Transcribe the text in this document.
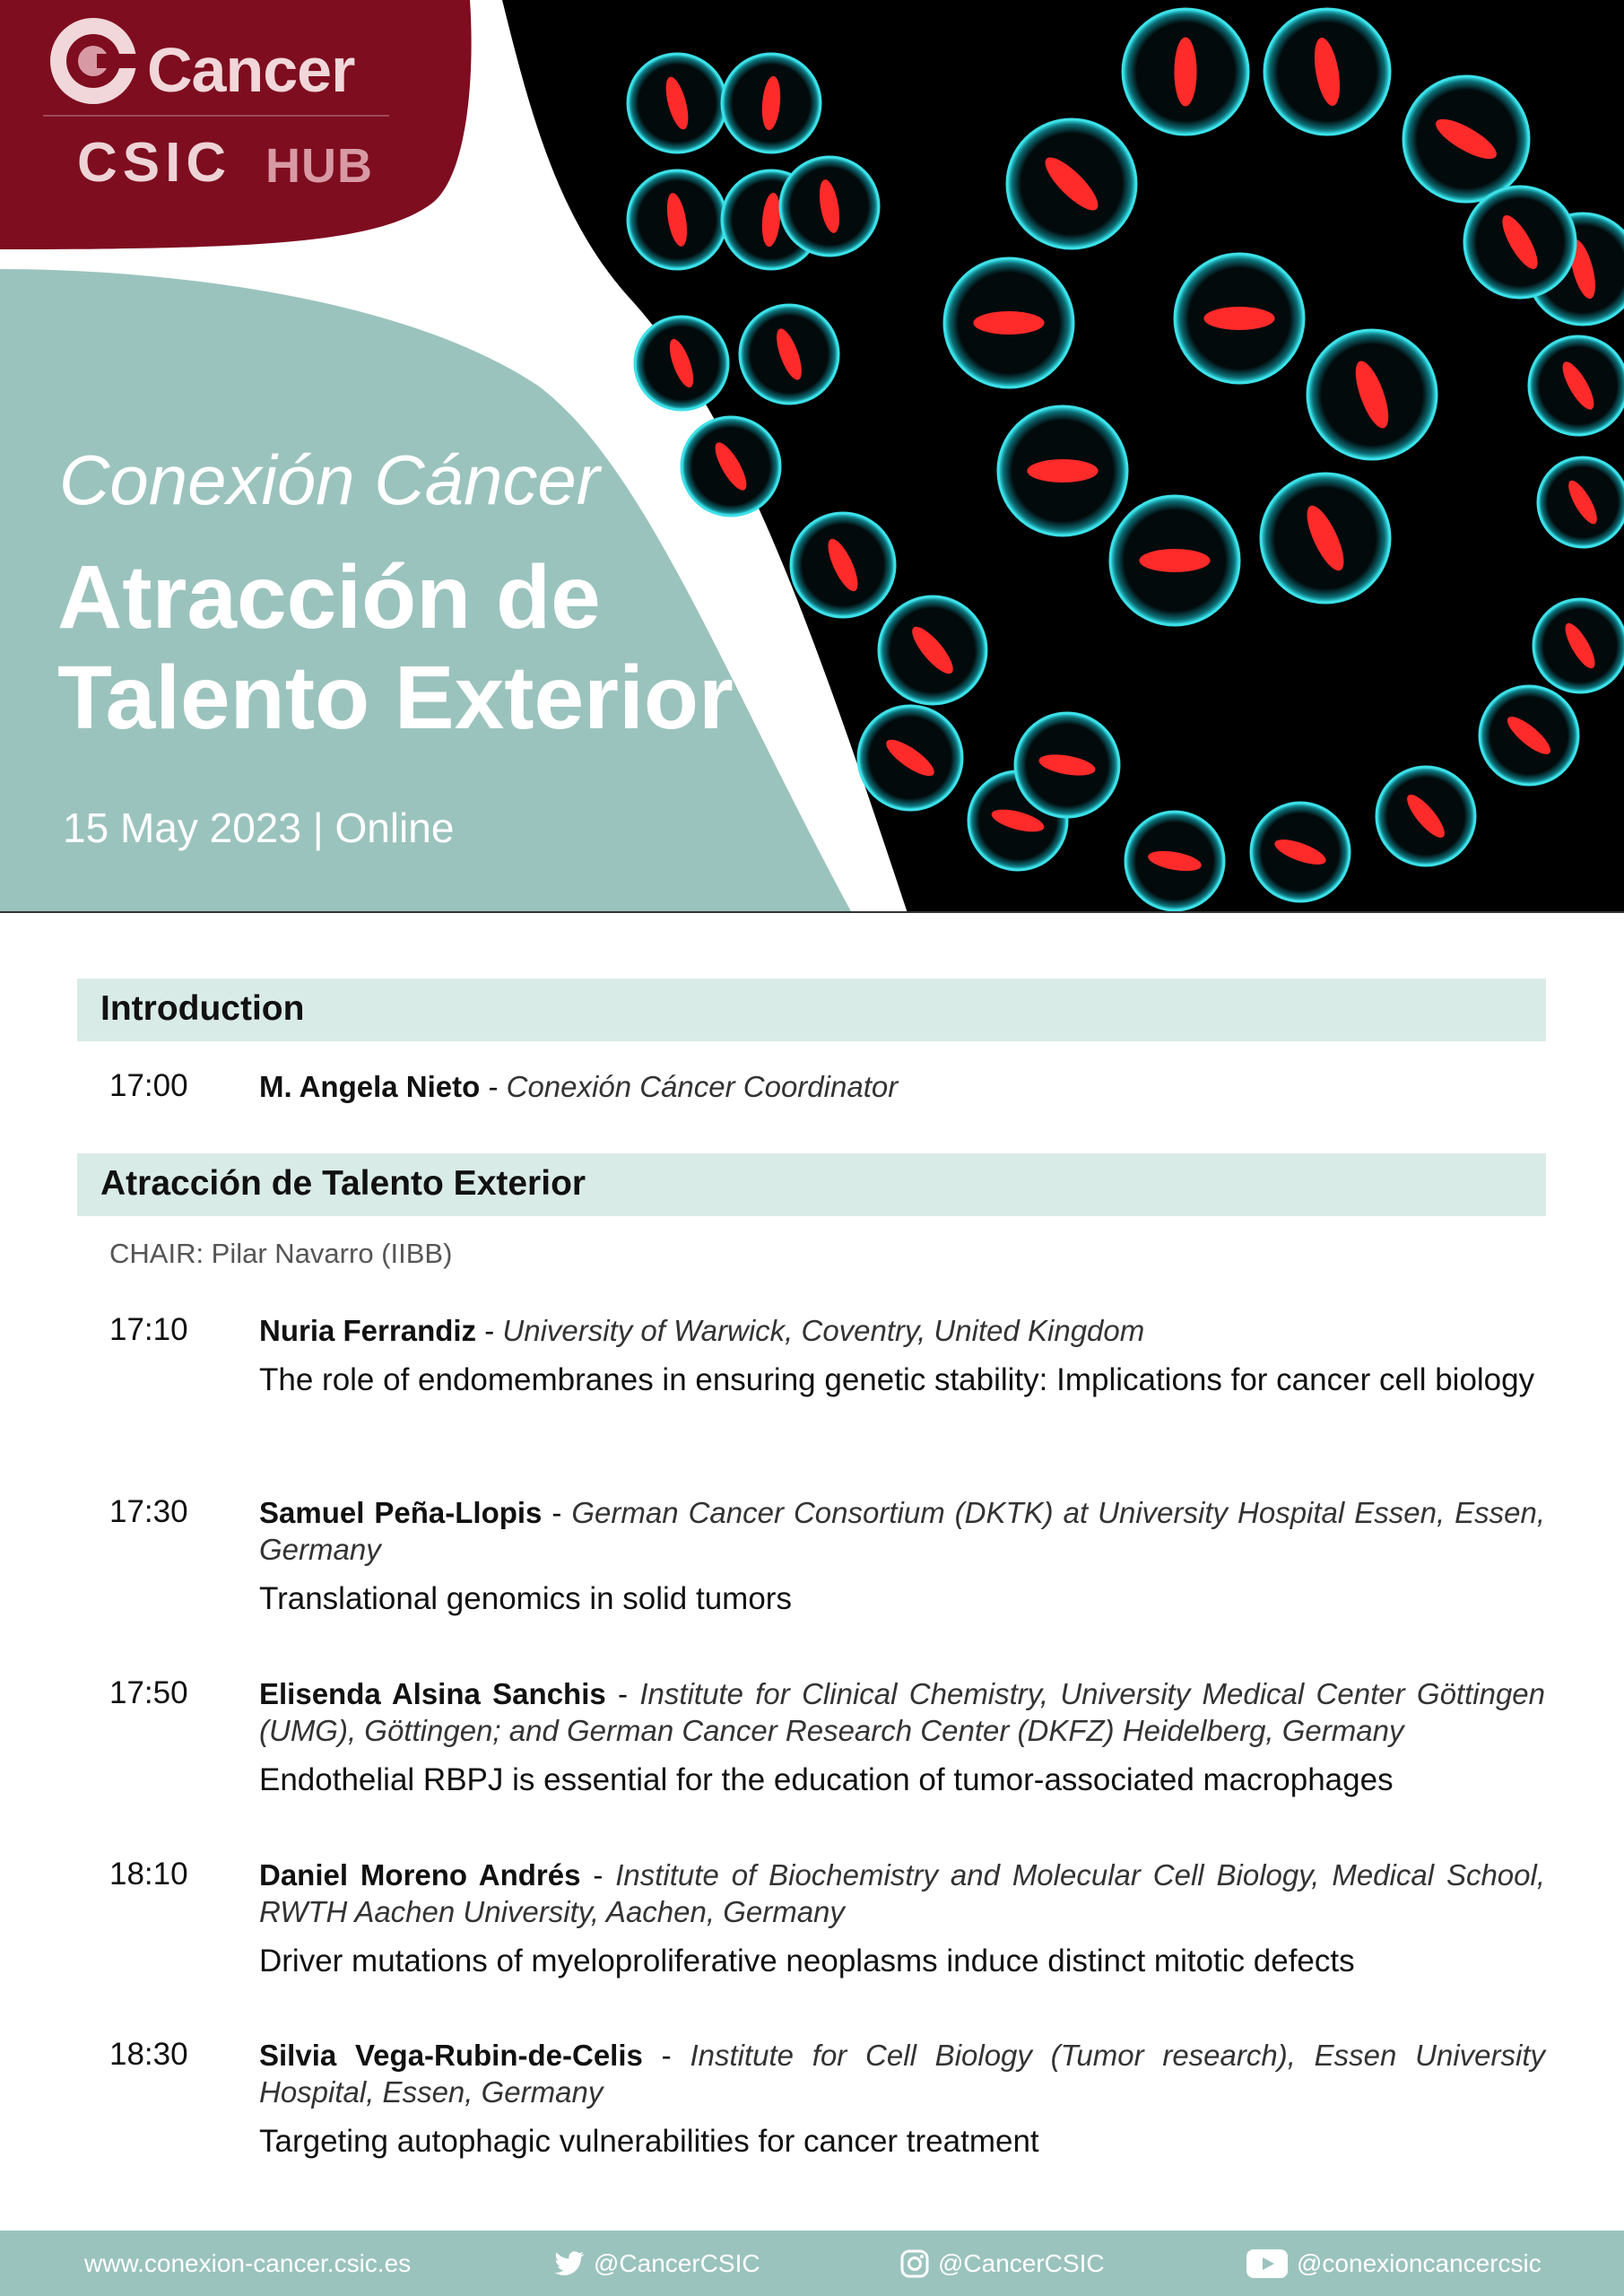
Cancer
CSIC HUB
Conexión Cáncer
Atracción de
Talento Exterior
15 May 2023 | Online
Introduction
17:00 M. Angela Nieto - Conexión Cáncer Coordinator
Atracción de Talento Exterior
CHAIR: Pilar Navarro (IIBB)
17:10 Nuria Ferrandiz - University of Warwick, Coventry, United Kingdom
The role of endomembranes in ensuring genetic stability: Implications for cancer cell biology
17:30 Samuel Peña-Llopis - German Cancer Consortium (DKTK) at University Hospital Essen, Essen, Germany
Translational genomics in solid tumors
17:50 Elisenda Alsina Sanchis - Institute for Clinical Chemistry, University Medical Center Göttingen (UMG), Göttingen; and German Cancer Research Center (DKFZ) Heidelberg, Germany
Endothelial RBPJ is essential for the education of tumor-associated macrophages
18:10 Daniel Moreno Andrés - Institute of Biochemistry and Molecular Cell Biology, Medical School, RWTH Aachen University, Aachen, Germany
Driver mutations of myeloproliferative neoplasms induce distinct mitotic defects
18:30 Silvia Vega-Rubin-de-Celis - Institute for Cell Biology (Tumor research), Essen University Hospital, Essen, Germany
Targeting autophagic vulnerabilities for cancer treatment
www.conexion-cancer.csic.es	@CancerCSIC	@CancerCSIC	@conexioncancercsic
